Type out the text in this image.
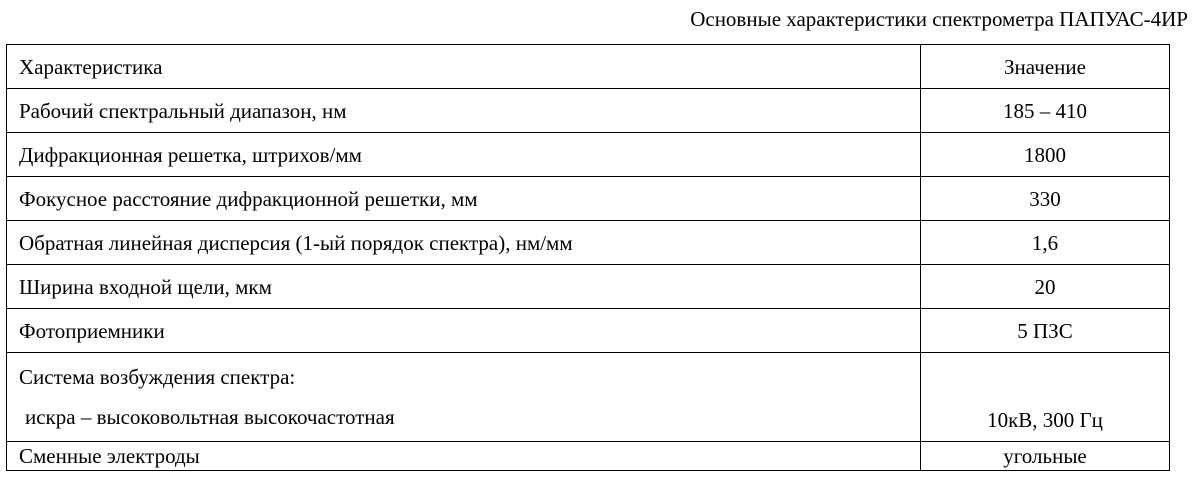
Основные характеристики спектрометра ПАПУАС-4ИР
Характеристика	Значение
Рабочий спектральный диапазон, нм	185 – 410
Дифракционная решетка, штрихов/мм	1800
Фокусное расстояние дифракционной решетки, мм	330
Обратная линейная дисперсия (1-ый порядок спектра), нм/мм	1,6
Ширина входной щели, мкм	20
Фотоприемники	5 ПЗС

Система возбуждения спектра:
искра – высоковольтная высокочастотная	10кВ, 300 Гц
Сменные электроды	угольные
